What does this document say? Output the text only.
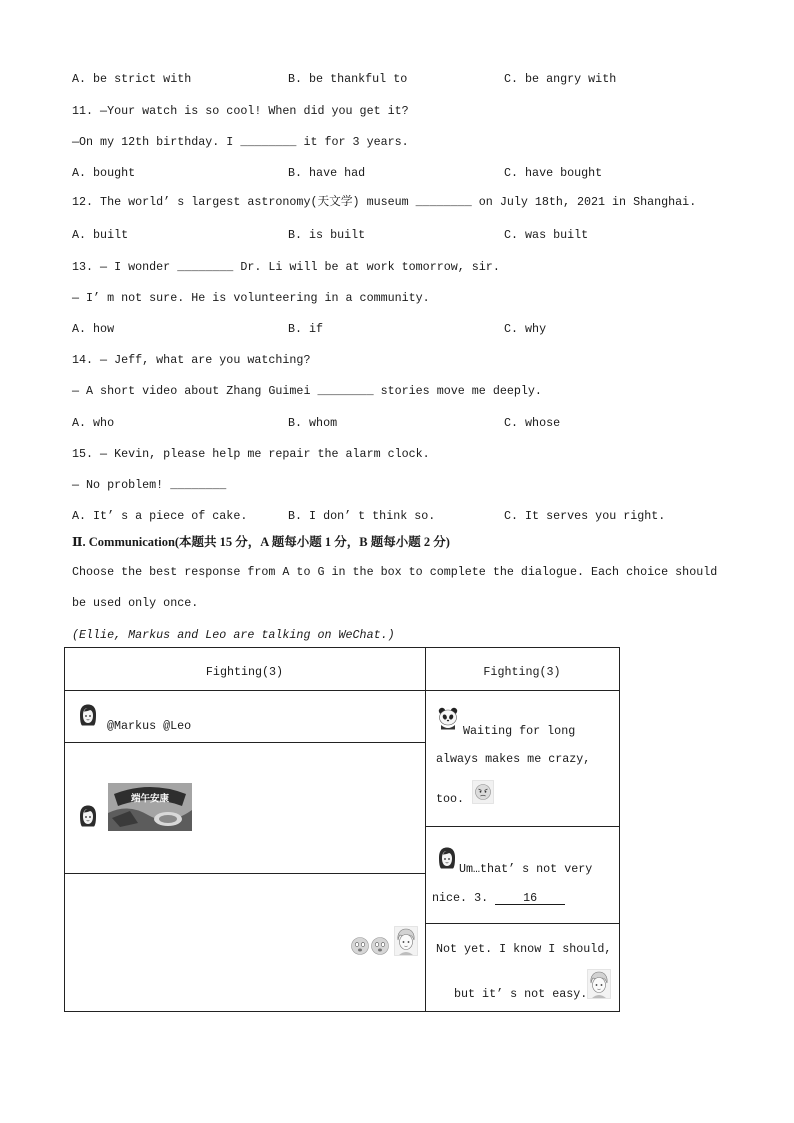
A. be strict with	B. be thankful to	C. be angry with
11. —Your watch is so cool! When did you get it?
—On my 12th birthday. I ________ it for 3 years.
A. bought	B. have had	C. have bought
12. The world’ s largest astronomy(天文学) museum ________ on July 18th, 2021 in Shanghai.
A. built	B. is built	C. was built
13. — I wonder ________ Dr. Li will be at work tomorrow, sir.
— I’ m not sure. He is volunteering in a community.
A. how	B. if	C. why
14. — Jeff, what are you watching?
— A short video about Zhang Guimei ________ stories move me deeply.
A. who	B. whom	C. whose
15. — Kevin, please help me repair the alarm clock.
— No problem! ________
A. It’ s a piece of cake.	B. I don’ t think so.	C. It serves you right.
Ⅱ. Communication(本题共 15 分，A 题每小题 1 分，B 题每小题 2 分)
Choose the best response from A to G in the box to complete the dialogue. Each choice should
be used only once.
(Ellie, Markus and Leo are talking on WeChat.)
Fighting(3)	Fighting(3)
@Markus @Leo
端午安康
Waiting for long
always makes me crazy,
too.
Um…that’ s not very
nice. 3. 16
Not yet. I know I should,
but it’ s not easy.
